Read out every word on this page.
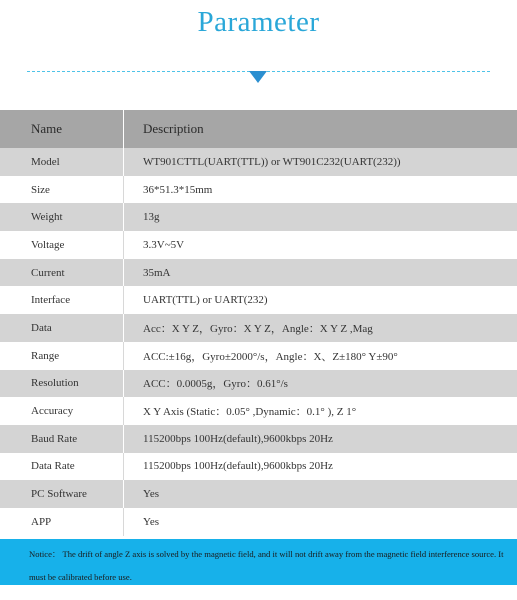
Parameter
Name	Description
Model	WT901CTTL(UART(TTL)) or WT901C232(UART(232))
Size	36*51.3*15mm
Weight	13g
Voltage	3.3V~5V
Current	35mA
Interface	UART(TTL) or UART(232)
Data	Acc：X Y Z，Gyro：X Y Z，Angle：X Y Z ,Mag
Range	ACC:±16g，Gyro±2000°/s，Angle：X、Z±180° Y±90°
Resolution	ACC：0.0005g，Gyro：0.61°/s
Accuracy	X Y Axis (Static：0.05° ,Dynamic：0.1° ), Z 1°
Baud Rate	115200bps 100Hz(default),9600kbps 20Hz
Data Rate	115200bps 100Hz(default),9600kbps 20Hz
PC Software	Yes
APP	Yes
Notice： The drift of angle Z axis is solved by the magnetic field, and it will not drift away from the magnetic field interference source. It must be calibrated before use.
